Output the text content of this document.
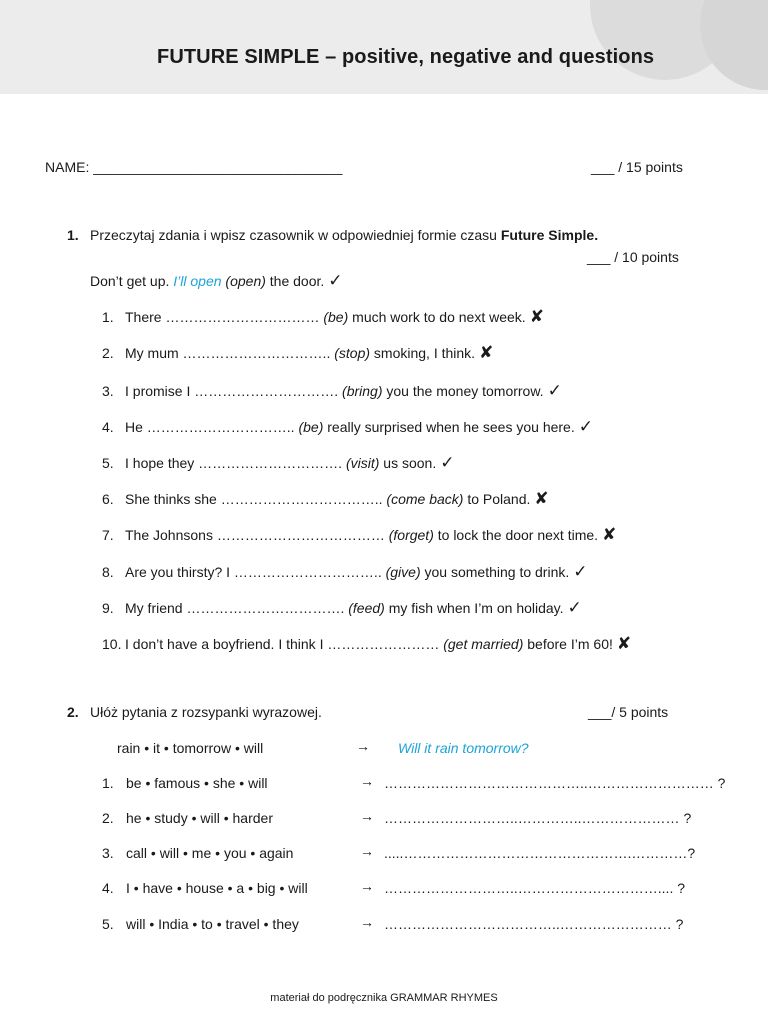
FUTURE SIMPLE – positive, negative and questions
NAME: ________________________________	___ / 15 points
1. Przeczytaj zdania i wpisz czasownik w odpowiedniej formie czasu Future Simple.
___ / 10 points
Don’t get up. I’ll open (open) the door. ✓
1. There …………………………… (be) much work to do next week. ✘
2. My mum ………………………….. (stop) smoking, I think. ✘
3. I promise I …………………………. (bring) you the money tomorrow. ✓
4. He ………………………….. (be) really surprised when he sees you here. ✓
5. I hope they …………………………. (visit) us soon. ✓
6. She thinks she …………………………….. (come back) to Poland. ✘
7. The Johnsons ……………………………… (forget) to lock the door next time. ✘
8. Are you thirsty? I ………………………….. (give) you something to drink. ✓
9. My friend ……………………………. (feed) my fish when I’m on holiday. ✓
10. I don’t have a boyfriend. I think I …………………… (get married) before I’m 60! ✘
2. Ułóż pytania z rozsypanki wyrazowej.	___/ 5 points
rain • it • tomorrow • will	→ Will it rain tomorrow?
1. be • famous • she • will	→ ……………………………………..……………………… ?
2. he • study • will • harder	→ ………………………..…………..………………… ?
3. call • will • me • you • again	→ .....………………………………………….…………?
4. I • have • house • a • big • will	→ ………………………..………………………….... ?
5. will • India • to • travel • they	→ ………………………………..…………………… ?
materiał do podręcznika GRAMMAR RHYMES
